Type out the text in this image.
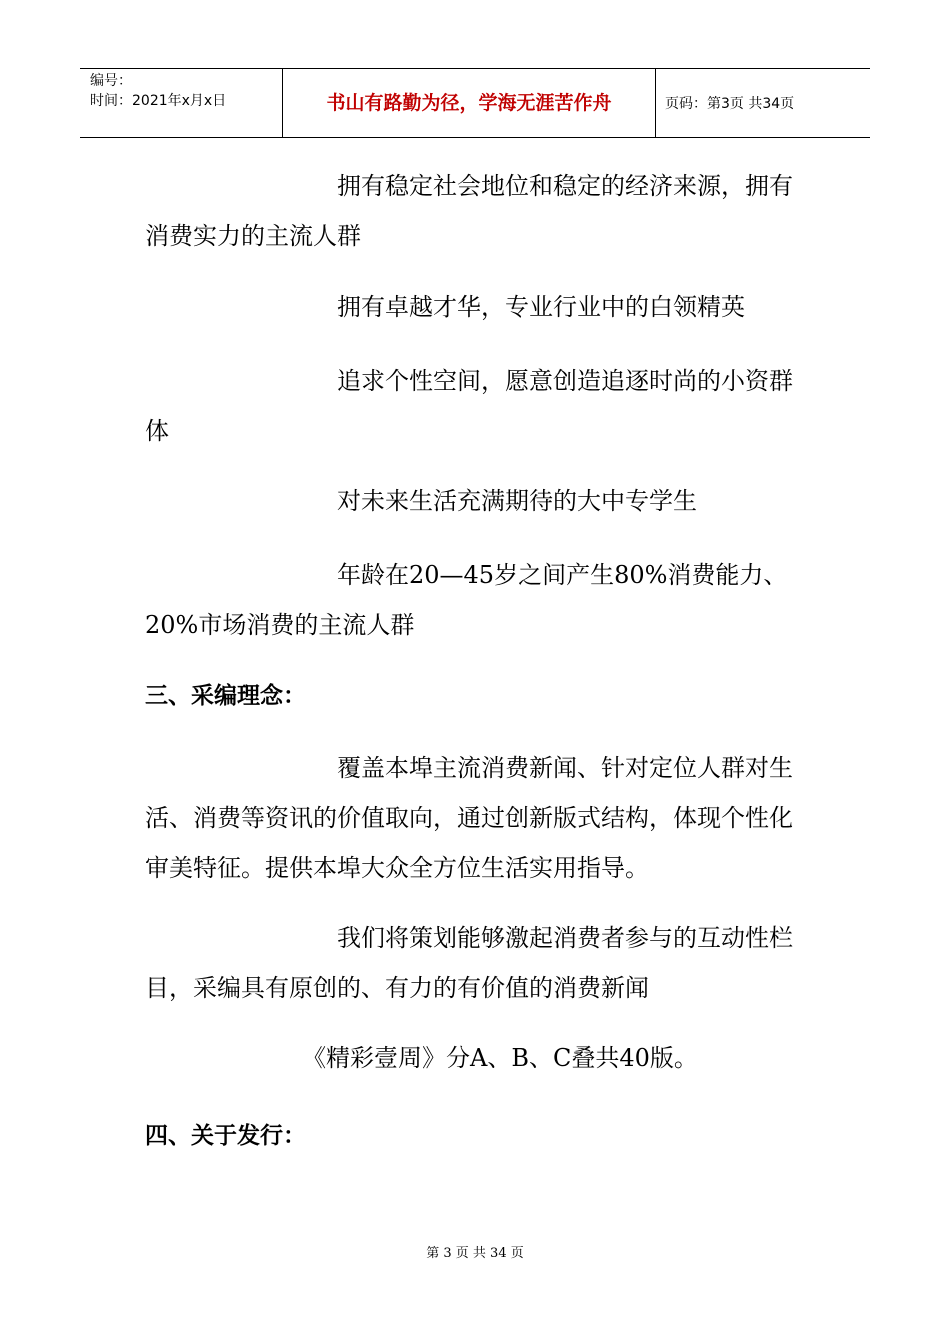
编号：
时间：2021年x月x日	书山有路勤为径，学海无涯苦作舟	页码：第3页 共34页

拥有稳定社会地位和稳定的经济来源，拥有消费实力的主流人群

拥有卓越才华，专业行业中的白领精英

追求个性空间，愿意创造追逐时尚的小资群体

对未来生活充满期待的大中专学生

年龄在20—45岁之间产生80%消费能力、20%市场消费的主流人群

三、采编理念：

覆盖本埠主流消费新闻、针对定位人群对生活、消费等资讯的价值取向，通过创新版式结构，体现个性化审美特征。提供本埠大众全方位生活实用指导。

我们将策划能够激起消费者参与的互动性栏目，采编具有原创的、有力的有价值的消费新闻

《精彩壹周》分A、B、C叠共40版。

四、关于发行：
第 3 页 共 34 页
